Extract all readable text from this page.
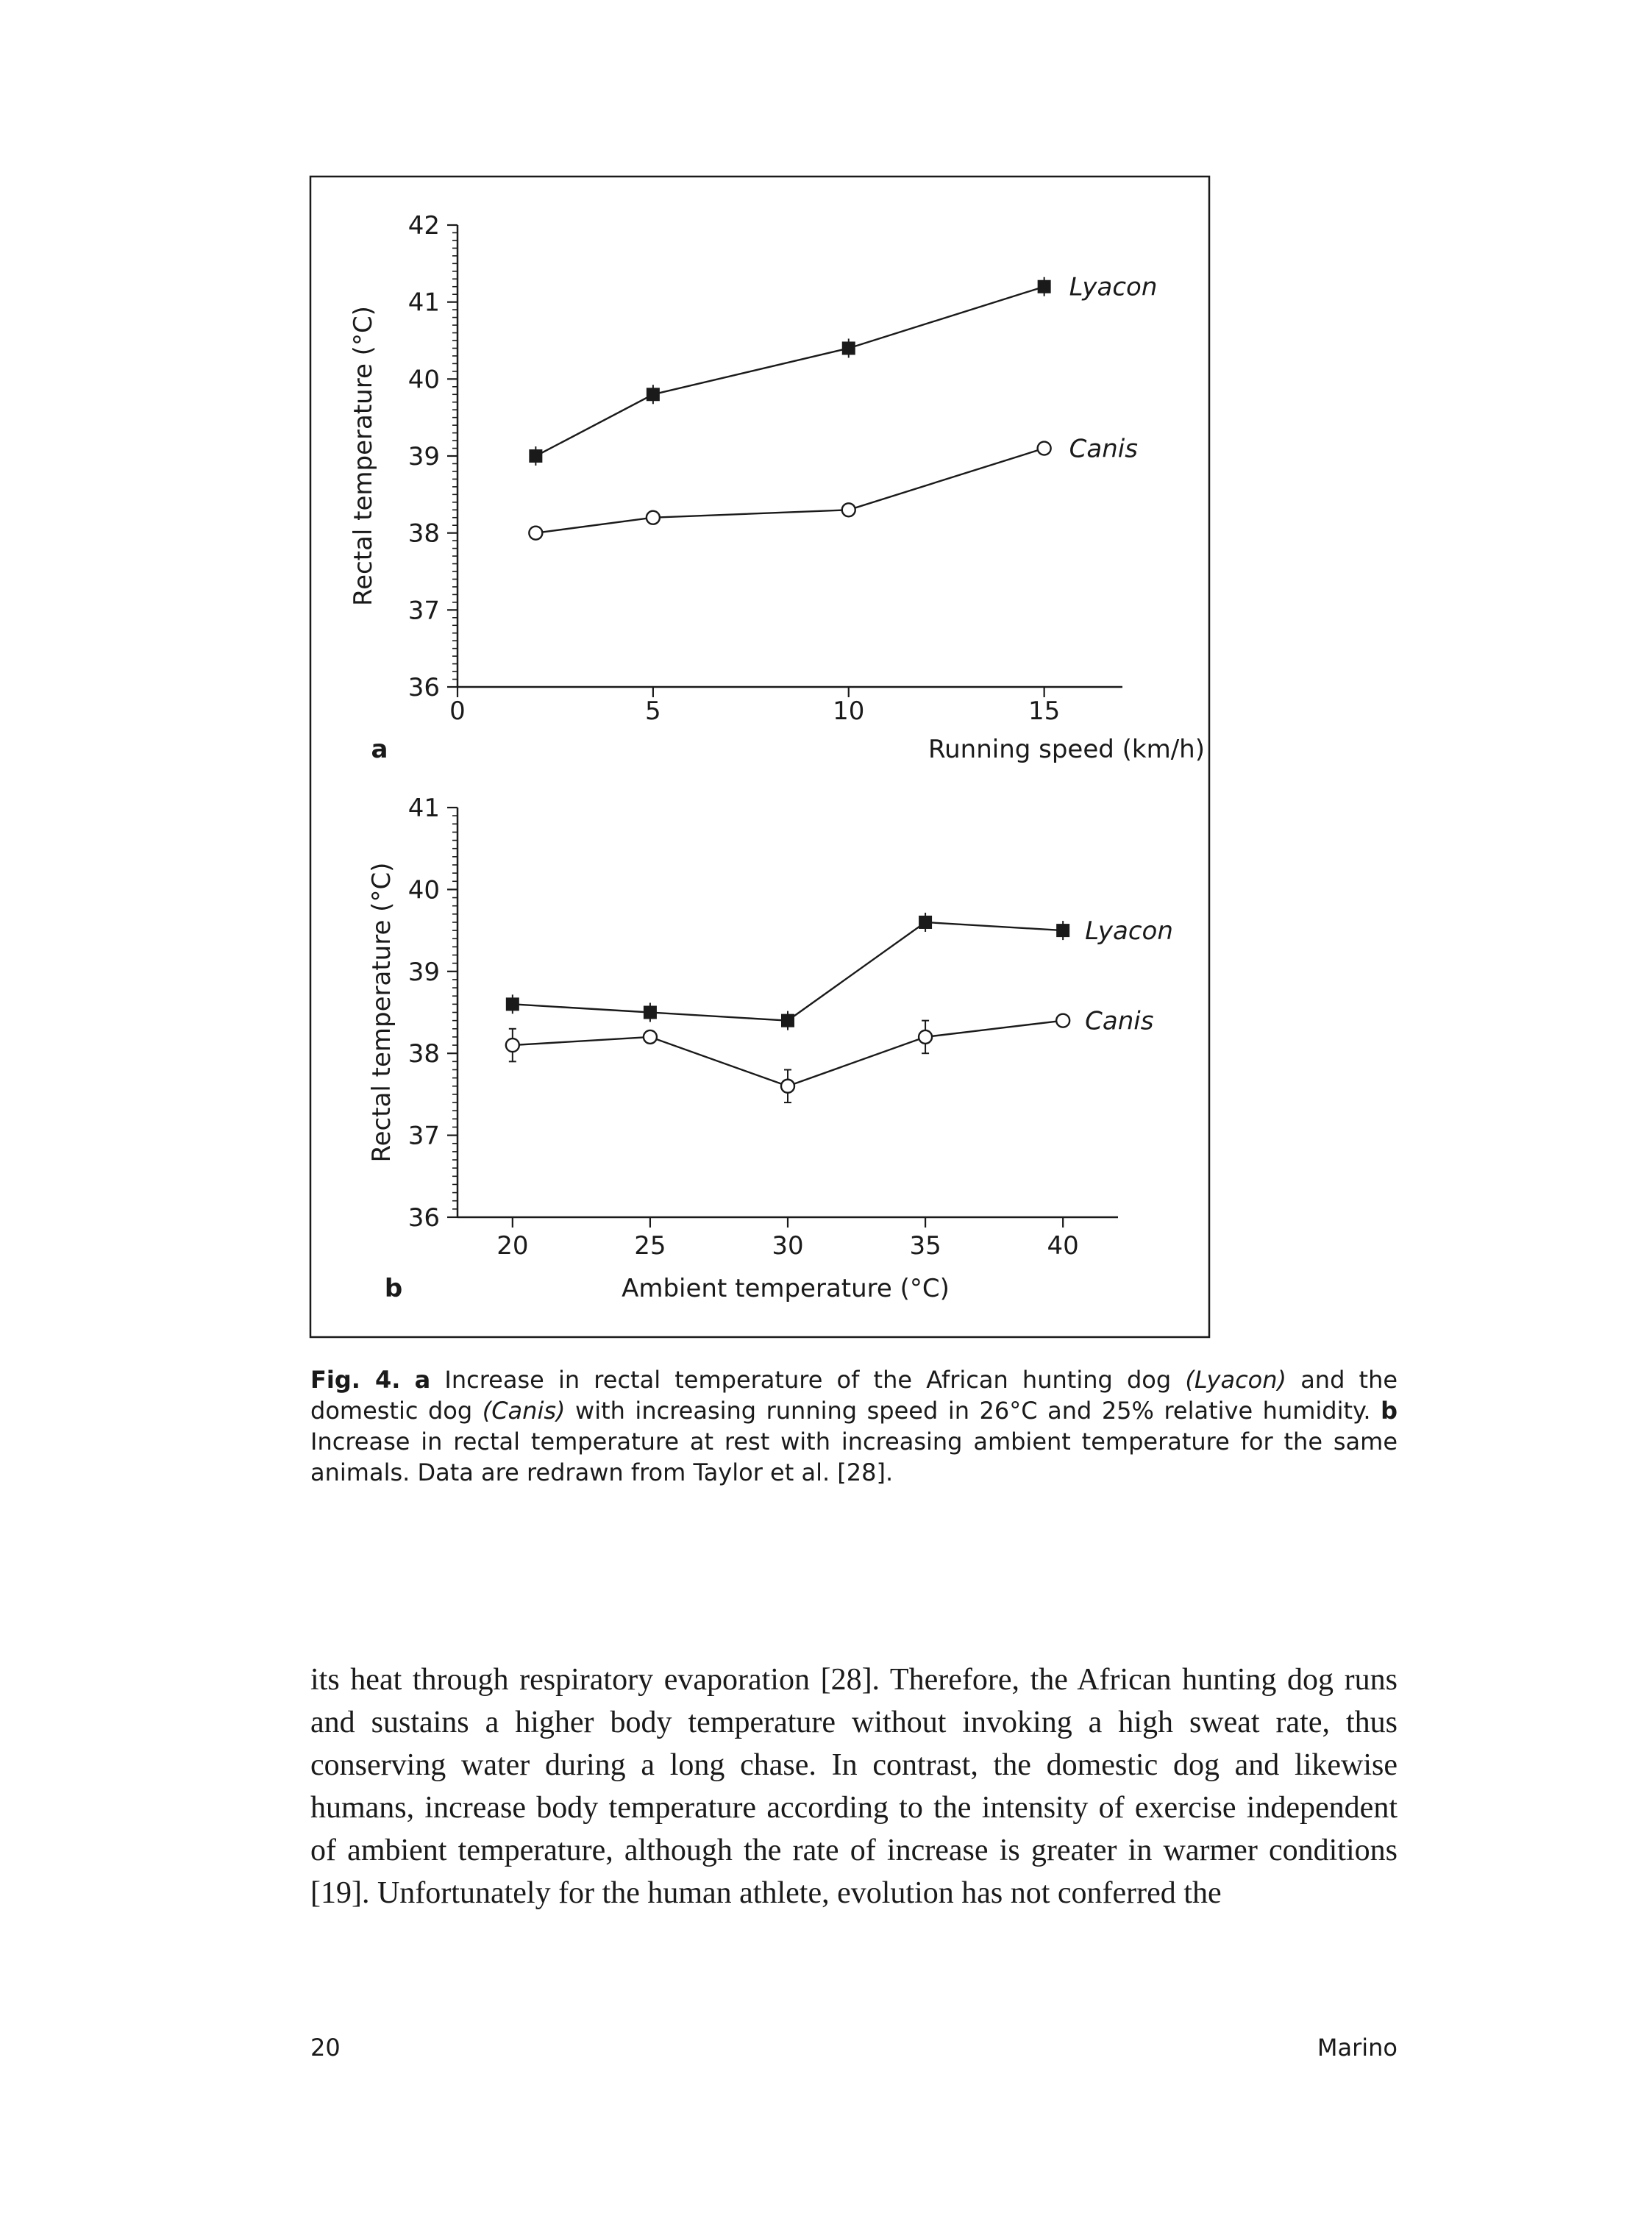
36
37
38
39
40
41
42
0	5	10	15
Running speed (km/h)
Rectal temperature (°C)
a
Lyacon
Canis
36
37
38
39
40
41
20	25	30	35	40
Ambient temperature (°C)
Rectal temperature (°C)
b
Lyacon
Canis
Fig. 4. a Increase in rectal temperature of the African hunting dog (Lyacon) and the domestic dog (Canis) with increasing running speed in 26°C and 25% relative humidity. b Increase in rectal temperature at rest with increasing ambient temperature for the same animals. Data are redrawn from Taylor et al. [28].
its heat through respiratory evaporation [28]. Therefore, the African hunting dog runs and sustains a higher body temperature without invoking a high sweat rate, thus conserving water during a long chase. In contrast, the domestic dog and likewise humans, increase body temperature according to the intensity of exercise independent of ambient temperature, although the rate of increase is greater in warmer conditions [19]. Unfortunately for the human athlete, evolution has not conferred the
20	Marino
